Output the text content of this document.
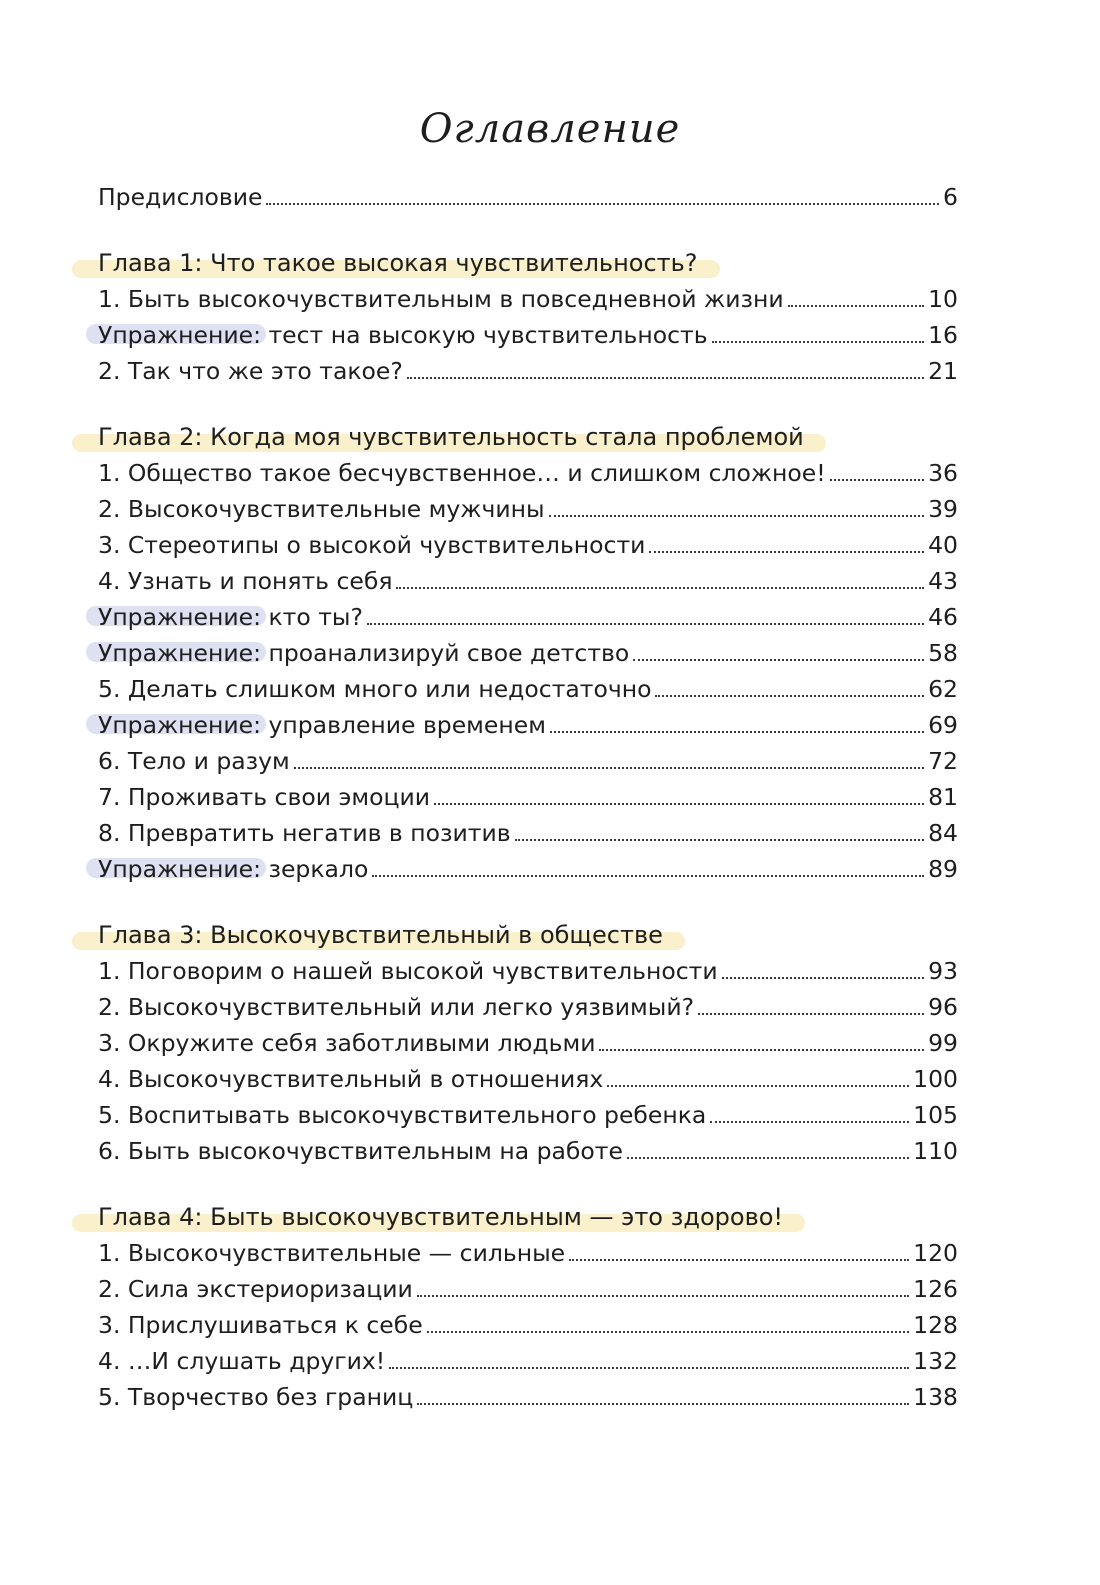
Оглавление
Предисловие	6
Глава 1: Что такое высокая чувствительность?
1. Быть высокочувствительным в повседневной жизни	10
Упражнение: тест на высокую чувствительность	16
2. Так что же это такое?	21
Глава 2: Когда моя чувствительность стала проблемой
1. Общество такое бесчувственное… и слишком сложное!	36
2. Высокочувствительные мужчины	39
3. Стереотипы о высокой чувствительности	40
4. Узнать и понять себя	43
Упражнение: кто ты?	46
Упражнение: проанализируй свое детство	58
5. Делать слишком много или недостаточно	62
Упражнение: управление временем	69
6. Тело и разум	72
7. Проживать свои эмоции	81
8. Превратить негатив в позитив	84
Упражнение: зеркало	89
Глава 3: Высокочувствительный в обществе
1. Поговорим о нашей высокой чувствительности	93
2. Высокочувствительный или легко уязвимый?	96
3. Окружите себя заботливыми людьми	99
4. Высокочувствительный в отношениях	100
5. Воспитывать высокочувствительного ребенка	105
6. Быть высокочувствительным на работе	110
Глава 4: Быть высокочувствительным — это здорово!
1. Высокочувствительные — сильные	120
2. Сила экстериоризации	126
3. Прислушиваться к себе	128
4. …И слушать других!	132
5. Творчество без границ	138
